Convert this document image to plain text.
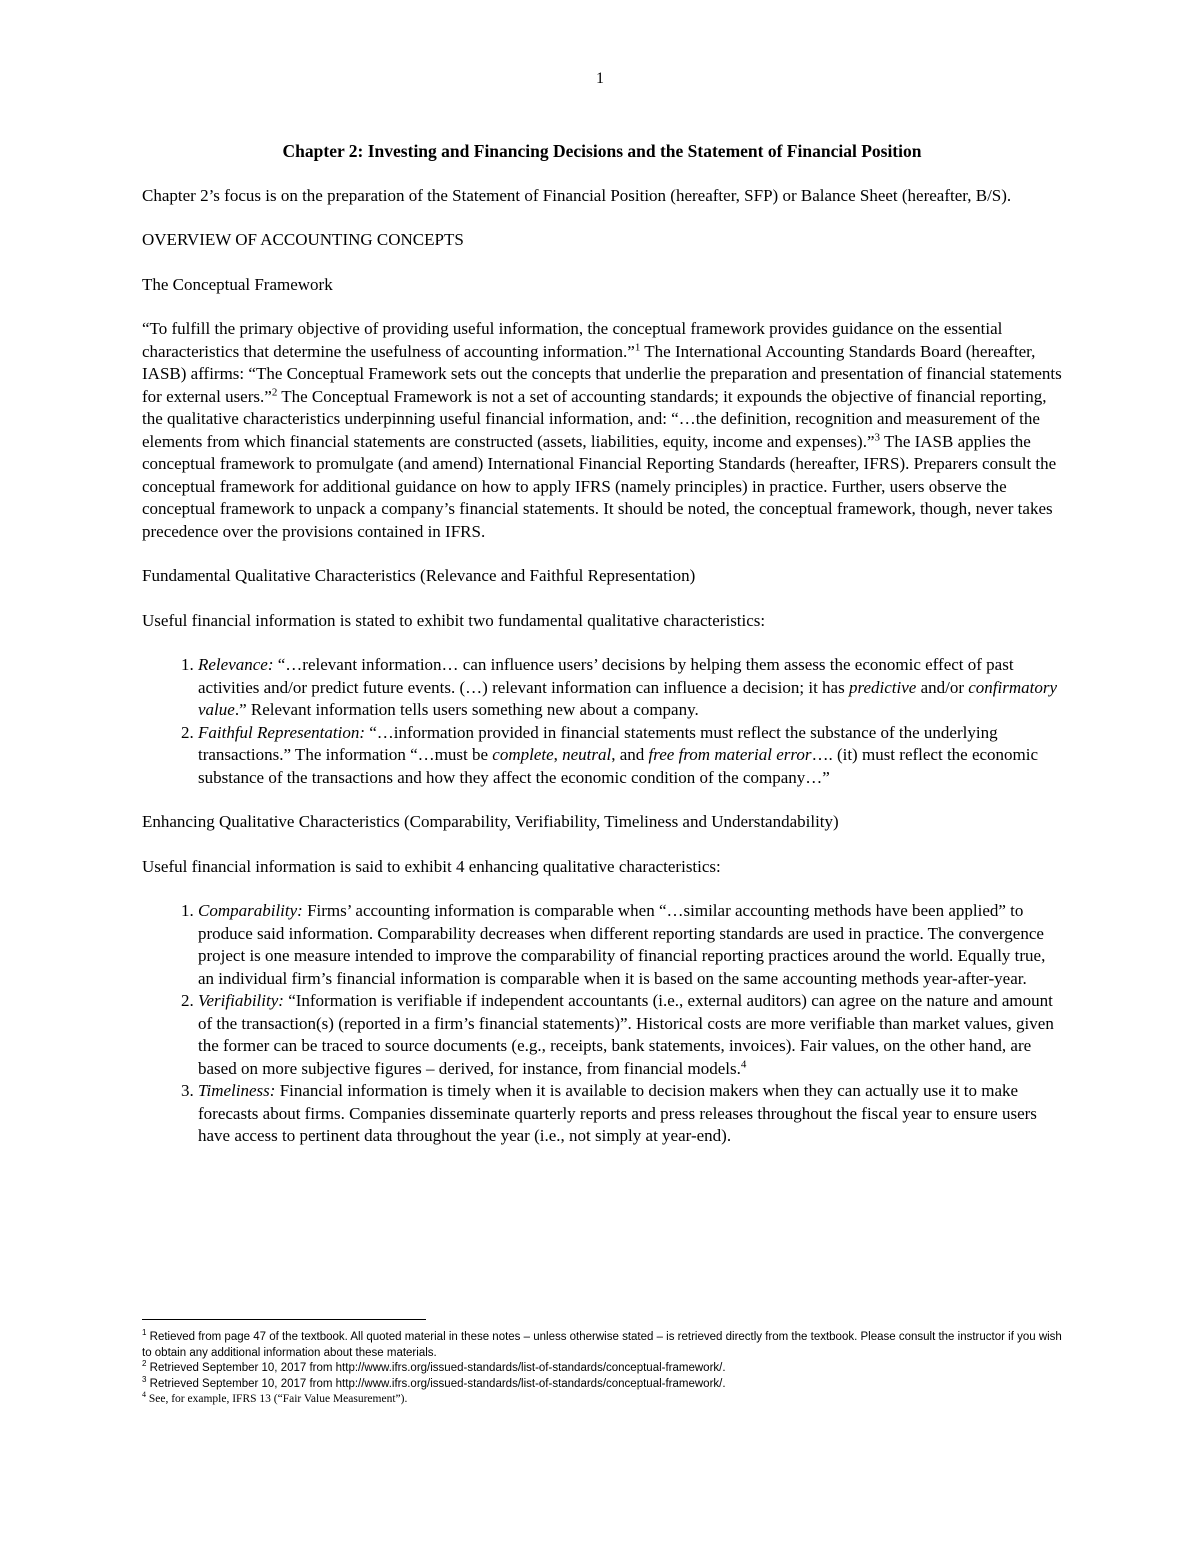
1
Chapter 2: Investing and Financing Decisions and the Statement of Financial Position

Chapter 2’s focus is on the preparation of the Statement of Financial Position (hereafter, SFP) or Balance Sheet (hereafter, B/S).

OVERVIEW OF ACCOUNTING CONCEPTS
The Conceptual Framework

“To fulfill the primary objective of providing useful information, the conceptual framework provides guidance on the essential characteristics that determine the usefulness of accounting information.”$^1$ The International Accounting Standards Board (hereafter, IASB) affirms: “The Conceptual Framework sets out the concepts that underlie the preparation and presentation of financial statements for external users.”$^2$ The Conceptual Framework is not a set of accounting standards; it expounds the objective of financial reporting, the qualitative characteristics underpinning useful financial information, and: “…the definition, recognition and measurement of the elements from which financial statements are constructed (assets, liabilities, equity, income and expenses).”$^3$ The IASB applies the conceptual framework to promulgate (and amend) International Financial Reporting Standards (hereafter, IFRS). Preparers consult the conceptual framework for additional guidance on how to apply IFRS (namely principles) in practice. Further, users observe the conceptual framework to unpack a company’s financial statements. It should be noted, the conceptual framework, though, never takes precedence over the provisions contained in IFRS.

Fundamental Qualitative Characteristics (Relevance and Faithful Representation)

Useful financial information is stated to exhibit two fundamental qualitative characteristics:

1. Relevance: “…relevant information… can influence users’ decisions by helping them assess the economic effect of past activities and/or predict future events. (…) relevant information can influence a decision; it has predictive and/or confirmatory value.” Relevant information tells users something new about a company.
2. Faithful Representation: “…information provided in financial statements must reflect the substance of the underlying transactions.” The information “…must be complete, neutral, and free from material error…. (it) must reflect the economic substance of the transactions and how they affect the economic condition of the company…”
Enhancing Qualitative Characteristics (Comparability, Verifiability, Timeliness and Understandability)

Useful financial information is said to exhibit 4 enhancing qualitative characteristics:

1. Comparability: Firms’ accounting information is comparable when “…similar accounting methods have been applied” to produce said information. Comparability decreases when different reporting standards are used in practice. The convergence project is one measure intended to improve the comparability of financial reporting practices around the world. Equally true, an individual firm’s financial information is comparable when it is based on the same accounting methods year-after-year.
2. Verifiability: “Information is verifiable if independent accountants (i.e., external auditors) can agree on the nature and amount of the transaction(s) (reported in a firm’s financial statements)”. Historical costs are more verifiable than market values, given the former can be traced to source documents (e.g., receipts, bank statements, invoices). Fair values, on the other hand, are based on more subjective figures – derived, for instance, from financial models.$^4$
3. Timeliness: Financial information is timely when it is available to decision makers when they can actually use it to make forecasts about firms. Companies disseminate quarterly reports and press releases throughout the fiscal year to ensure users have access to pertinent data throughout the year (i.e., not simply at year-end).
$^1$ Retieved from page 47 of the textbook. All quoted material in these notes – unless otherwise stated – is retrieved directly from the textbook. Please consult the instructor if you wish to obtain any additional information about these materials.
$^2$ Retrieved September 10, 2017 from http://www.ifrs.org/issued-standards/list-of-standards/conceptual-framework/.
$^3$ Retrieved September 10, 2017 from http://www.ifrs.org/issued-standards/list-of-standards/conceptual-framework/.
$^4$ See, for example, IFRS 13 (“Fair Value Measurement”).
